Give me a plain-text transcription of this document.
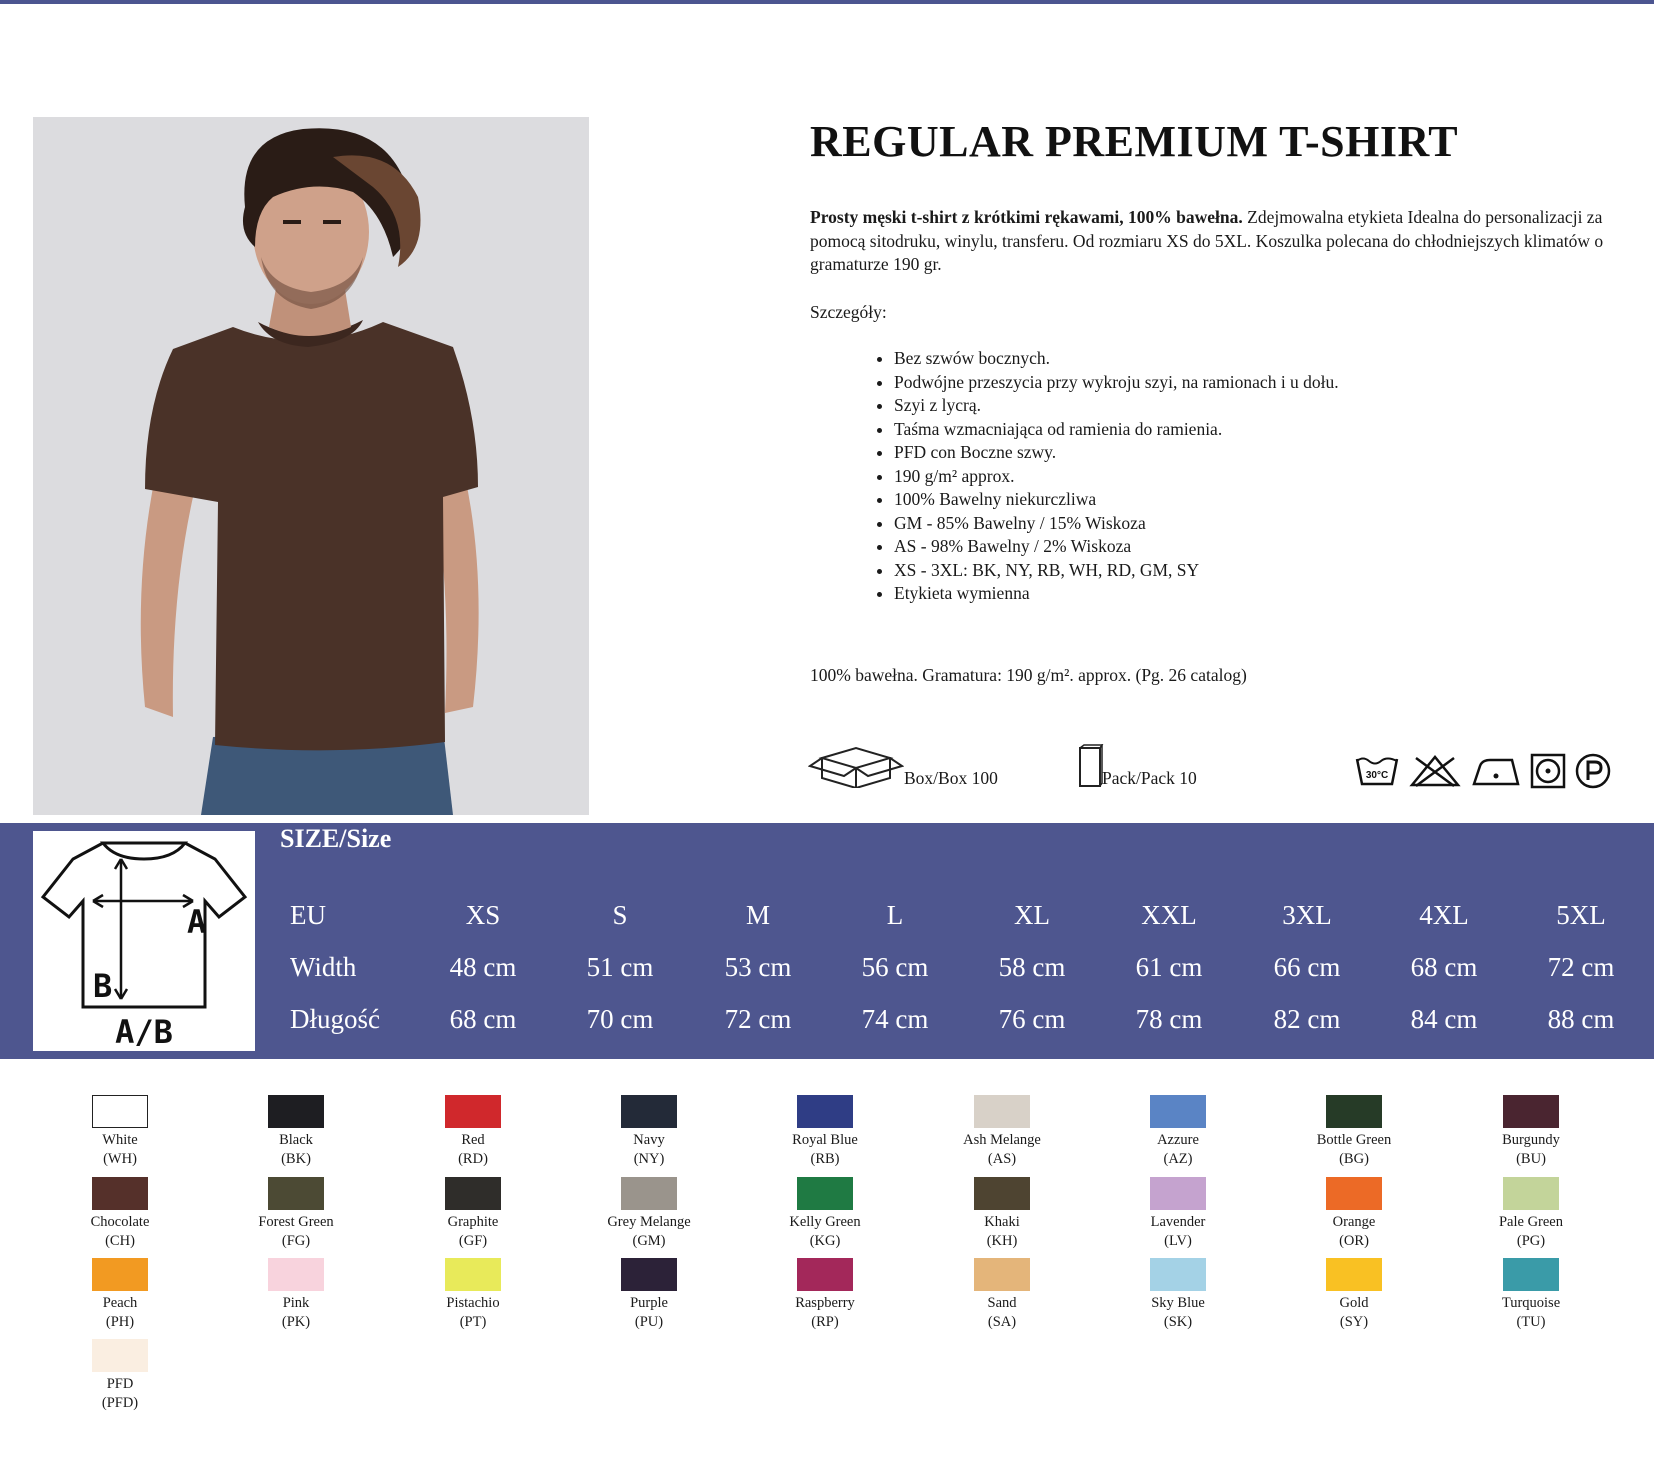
REGULAR PREMIUM T-SHIRT
Prosty męski t-shirt z krótkimi rękawami, 100% bawełna. Zdejmowalna etykieta Idealna do personalizacji za pomocą sitodruku, winylu, transferu. Od rozmiaru XS do 5XL. Koszulka polecana do chłodniejszych klimatów o gramaturze 190 gr.
Szczegóły:
• Bez szwów bocznych.
• Podwójne przeszycia przy wykroju szyi, na ramionach i u dołu.
• Szyi z lycrą.
• Taśma wzmacniająca od ramienia do ramienia.
• PFD con Boczne szwy.
• 190 g/m² approx.
• 100% Bawelny niekurczliwa
• GM - 85% Bawelny / 15% Wiskoza
• AS - 98% Bawelny / 2% Wiskoza
• XS - 3XL: BK, NY, RB, WH, RD, GM, SY
• Etykieta wymienna
100% bawełna. Gramatura: 190 g/m². approx. (Pg. 26 catalog)
Box/Box 100	Pack/Pack 10	30°C
A
B
A/B
SIZE/Size
EU	XS	S	M	L	XL	XXL	3XL	4XL	5XL
Width	48 cm	51 cm	53 cm	56 cm	58 cm	61 cm	66 cm	68 cm	72 cm
Długość	68 cm	70 cm	72 cm	74 cm	76 cm	78 cm	82 cm	84 cm	88 cm
White
(WH)
Black
(BK)
Red
(RD)
Navy
(NY)
Royal Blue
(RB)
Ash Melange
(AS)
Azzure
(AZ)
Bottle Green
(BG)
Burgundy
(BU)
Chocolate
(CH)
Forest Green
(FG)
Graphite
(GF)
Grey Melange
(GM)
Kelly Green
(KG)
Khaki
(KH)
Lavender
(LV)
Orange
(OR)
Pale Green
(PG)
Peach
(PH)
Pink
(PK)
Pistachio
(PT)
Purple
(PU)
Raspberry
(RP)
Sand
(SA)
Sky Blue
(SK)
Gold
(SY)
Turquoise
(TU)
PFD
(PFD)
